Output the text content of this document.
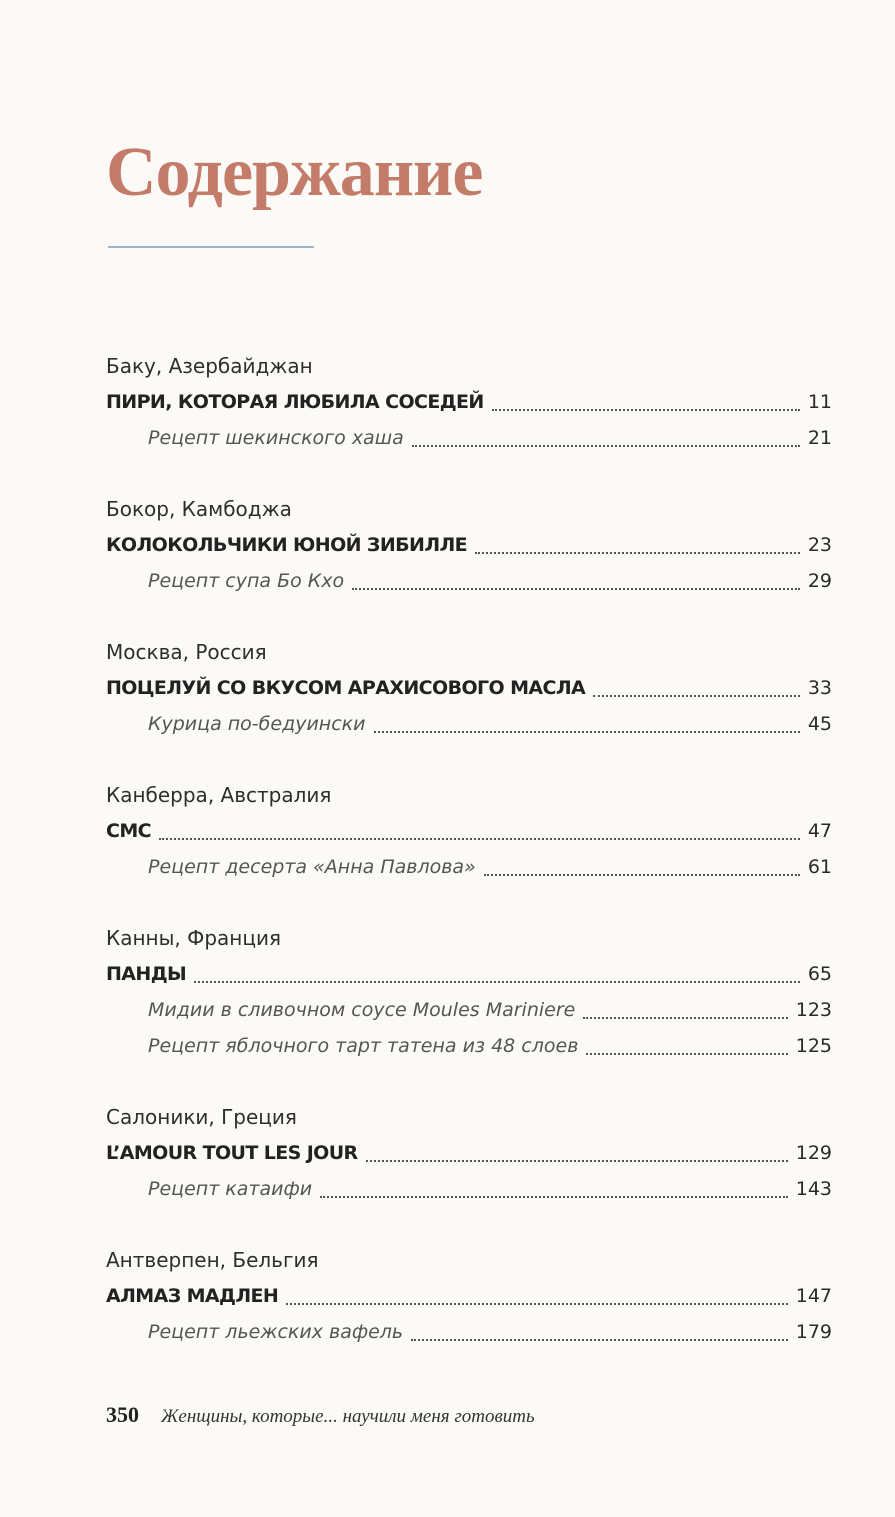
Содержание
Баку, Азербайджан
ПИРИ, КОТОРАЯ ЛЮБИЛА СОСЕДЕЙ	11
Рецепт шекинского хаша	21
Бокор, Камбоджа
КОЛОКОЛЬЧИКИ ЮНОЙ ЗИБИЛЛЕ	23
Рецепт супа Бо Кхо	29
Москва, Россия
ПОЦЕЛУЙ СО ВКУСОМ АРАХИСОВОГО МАСЛА	33
Курица по-бедуински	45
Канберра, Австралия
СМС	47
Рецепт десерта «Анна Павлова»	61
Канны, Франция
ПАНДЫ	65
Мидии в сливочном соусе Moules Mariniere	123
Рецепт яблочного тарт татена из 48 слоев	125
Салоники, Греция
L’AMOUR TOUT LES JOUR	129
Рецепт катаифи	143
Антверпен, Бельгия
АЛМАЗ МАДЛЕН	147
Рецепт льежских вафель	179
350 Женщины, которые... научили меня готовить
